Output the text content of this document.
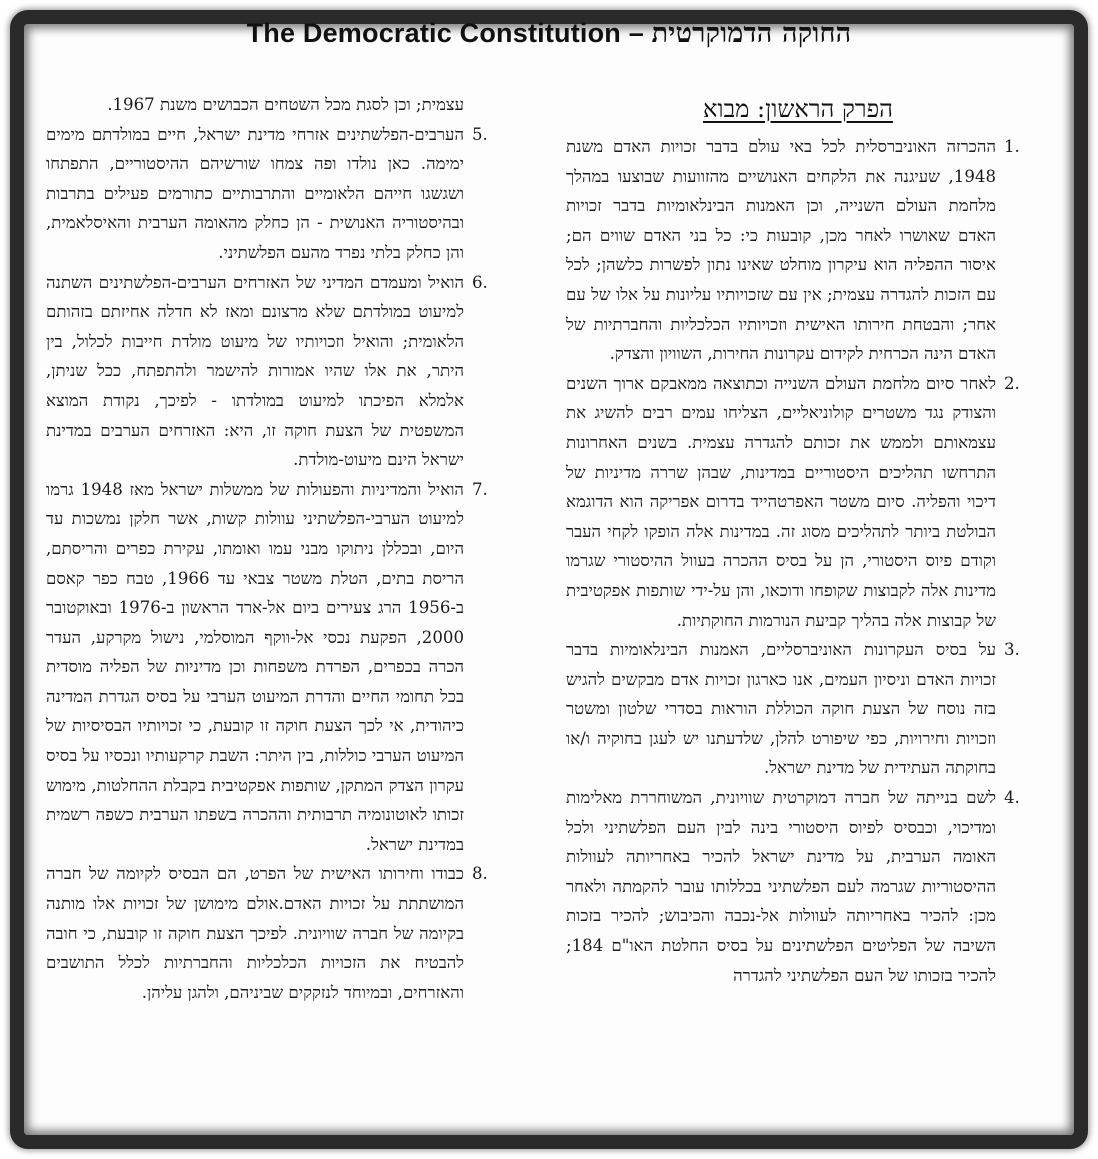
The Democratic Constitution – החוקה הדמוקרטית
הפרק הראשון: מבוא
1.
ההכרזה האוניברסלית לכל באי עולם בדבר זכויות האדם משנת 1948, שעיגנה את הלקחים האנושיים מהזוועות שבוצעו במהלך מלחמת העולם השנייה, וכן האמנות הבינלאומיות בדבר זכויות האדם שאושרו לאחר מכן, קובעות כי: כל בני האדם שווים הם; איסור ההפליה הוא עיקרון מוחלט שאינו נתון לפשרות כלשהן; לכל עם הזכות להגדרה עצמית; אין עם שזכויותיו עליונות על אלו של עם אחר; והבטחת חירותו האישית וזכויותיו הכלכליות והחברתיות של האדם הינה הכרחית לקידום עקרונות החירות, השוויון והצדק.
2.
לאחר סיום מלחמת העולם השנייה וכתוצאה ממאבקם ארוך השנים והצודק נגד משטרים קולוניאליים, הצליחו עמים רבים להשיג את עצמאותם ולממש את זכותם להגדרה עצמית. בשנים האחרונות התרחשו תהליכים היסטוריים במדינות, שבהן שררה מדיניות של דיכוי והפליה. סיום משטר האפרטהייד בדרום אפריקה הוא הדוגמא הבולטת ביותר לתהליכים מסוג זה. במדינות אלה הופקו לקחי העבר וקודם פיוס היסטורי, הן על בסיס ההכרה בעוול ההיסטורי שגרמו מדינות אלה לקבוצות שקופחו ודוכאו, והן על-ידי שותפות אפקטיבית של קבוצות אלה בהליך קביעת הנורמות החוקתיות.
3.
על בסיס העקרונות האוניברסליים, האמנות הבינלאומיות בדבר זכויות האדם וניסיון העמים, אנו כארגון זכויות אדם מבקשים להגיש בזה נוסח של הצעת חוקה הכוללת הוראות בסדרי שלטון ומשטר וזכויות וחירויות, כפי שיפורט להלן, שלדעתנו יש לעגן בחוקיה ו/או בחוקתה העתידית של מדינת ישראל.
4.
לשם בנייתה של חברה דמוקרטית שוויונית, המשוחררת מאלימות ומדיכוי, וכבסיס לפיוס היסטורי בינה לבין העם הפלשתיני ולכל האומה הערבית, על מדינת ישראל להכיר באחריותה לעוולות ההיסטוריות שגרמה לעם הפלשתיני בכללותו עובר להקמתה ולאחר מכן: להכיר באחריותה לעוולות אל-נכבה והכיבוש; להכיר בזכות השיבה של הפליטים הפלשתינים על בסיס החלטת האו"ם 184; להכיר בזכותו של העם הפלשתיני להגדרה

עצמית; וכן לסגת מכל השטחים הכבושים משנת 1967.

5.
הערבים-הפלשתינים אזרחי מדינת ישראל, חיים במולדתם מימים ימימה. כאן נולדו ופה צמחו שורשיהם ההיסטוריים, התפתחו ושגשגו חייהם הלאומיים והתרבותיים כתורמים פעילים בתרבות ובהיסטוריה האנושית - הן כחלק מהאומה הערבית והאיסלאמית, והן כחלק בלתי נפרד מהעם הפלשתיני.
6.
הואיל ומעמדם המדיני של האזרחים הערבים-הפלשתינים השתנה למיעוט במולדתם שלא מרצונם ומאז לא חדלה אחיזתם בזהותם הלאומית; והואיל וזכויותיו של מיעוט מולדת חייבות לכלול, בין היתר, את אלו שהיו אמורות להישמר ולהתפתח, ככל שניתן, אלמלא הפיכתו למיעוט במולדתו - לפיכך, נקודת המוצא המשפטית של הצעת חוקה זו, היא: האזרחים הערבים במדינת ישראל הינם מיעוט-מולדת.
7.
הואיל והמדיניות והפעולות של ממשלות ישראל מאז 1948 גרמו למיעוט הערבי-הפלשתיני עוולות קשות, אשר חלקן נמשכות עד היום, ובכללן ניתוקו מבני עמו ואומתו, עקירת כפרים והריסתם, הריסת בתים, הטלת משטר צבאי עד 1966, טבח כפר קאסם ב-1956 הרג צעירים ביום אל-ארד הראשון ב-1976 ובאוקטובר 2000, הפקעת נכסי אל-ווקף המוסלמי, נישול מקרקע, העדר הכרה בכפרים, הפרדת משפחות וכן מדיניות של הפליה מוסדית בכל תחומי החיים והדרת המיעוט הערבי על בסיס הגדרת המדינה כיהודית, אי לכך הצעת חוקה זו קובעת, כי זכויותיו הבסיסיות של המיעוט הערבי כוללות, בין היתר: השבת קרקעותיו ונכסיו על בסיס עקרון הצדק המתקן, שותפות אפקטיבית בקבלת ההחלטות, מימוש זכותו לאוטונומיה תרבותית וההכרה בשפתו הערבית כשפה רשמית במדינת ישראל.
8.
כבודו וחירותו האישית של הפרט, הם הבסיס לקיומה של חברה המושתתת על זכויות האדם.אולם מימושן של זכויות אלו מותנה בקיומה של חברה שוויונית. לפיכך הצעת חוקה זו קובעת, כי חובה להבטיח את הזכויות הכלכליות והחברתיות לכלל התושבים והאזרחים, ובמיוחד לנזקקים שביניהם, ולהגן עליהן.
